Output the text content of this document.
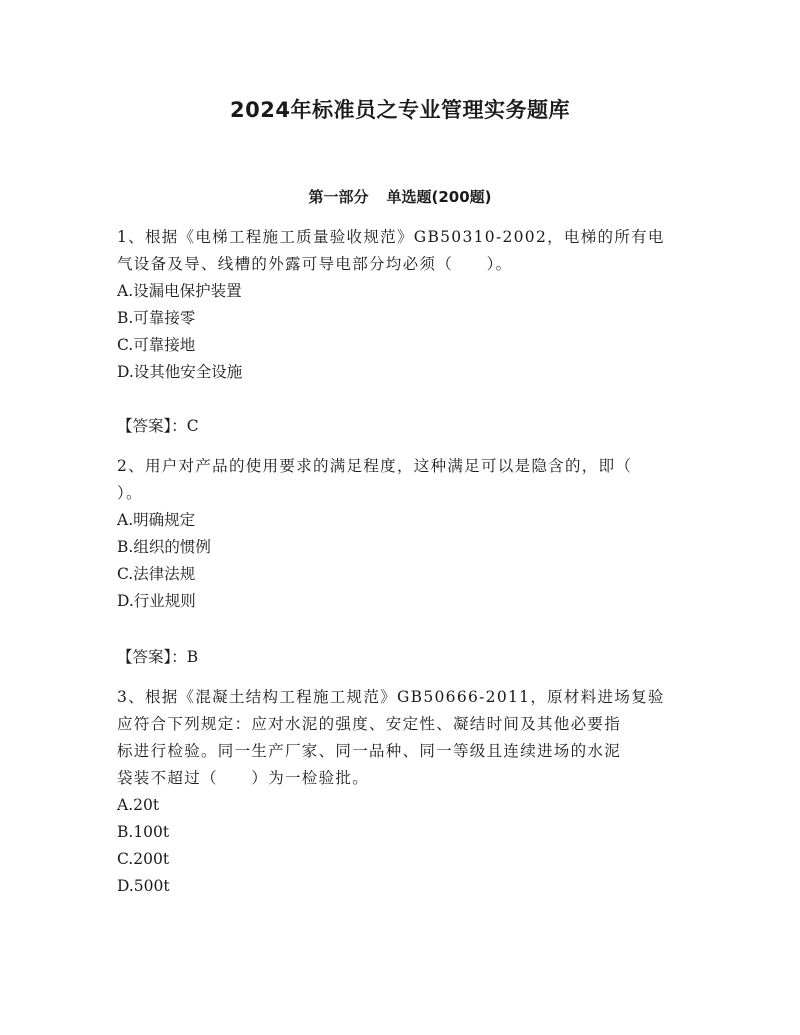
2024年标准员之专业管理实务题库
第一部分 单选题(200题)
1、根据《电梯工程施工质量验收规范》GB50310-2002，电梯的所有电
气设备及导、线槽的外露可导电部分均必须（　　）。
A.设漏电保护装置
B.可靠接零
C.可靠接地
D.设其他安全设施
【答案】：C
2、用户对产品的使用要求的满足程度，这种满足可以是隐含的，即（
）。
A.明确规定
B.组织的惯例
C.法律法规
D.行业规则
【答案】：B
3、根据《混凝土结构工程施工规范》GB50666-2011，原材料进场复验
应符合下列规定：应对水泥的强度、安定性、凝结时间及其他必要指
标进行检验。同一生产厂家、同一品种、同一等级且连续进场的水泥
袋装不超过（　　）为一检验批。
A.20t
B.100t
C.200t
D.500t
